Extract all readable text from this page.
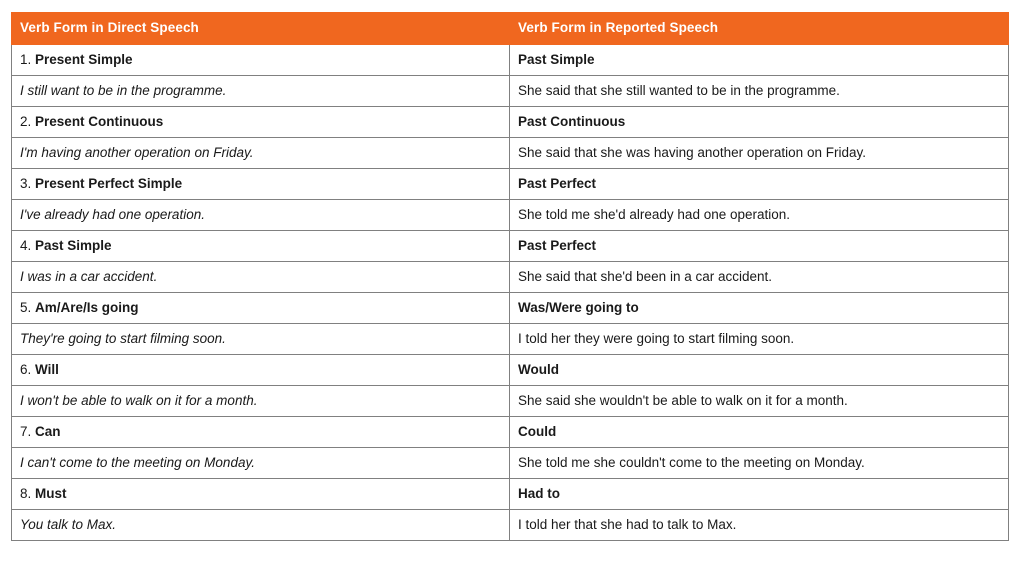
Verb Form in Direct Speech	Verb Form in Reported Speech
1. Present Simple	Past Simple
I still want to be in the programme.	She said that she still wanted to be in the programme.
2. Present Continuous	Past Continuous
I'm having another operation on Friday.	She said that she was having another operation on Friday.
3. Present Perfect Simple	Past Perfect
I've already had one operation.	She told me she'd already had one operation.
4. Past Simple	Past Perfect
I was in a car accident.	She said that she'd been in a car accident.
5. Am/Are/Is going	Was/Were going to
They're going to start filming soon.	I told her they were going to start filming soon.
6. Will	Would
I won't be able to walk on it for a month.	She said she wouldn't be able to walk on it for a month.
7. Can	Could
I can't come to the meeting on Monday.	She told me she couldn't come to the meeting on Monday.
8. Must	Had to
You talk to Max.	I told her that she had to talk to Max.
